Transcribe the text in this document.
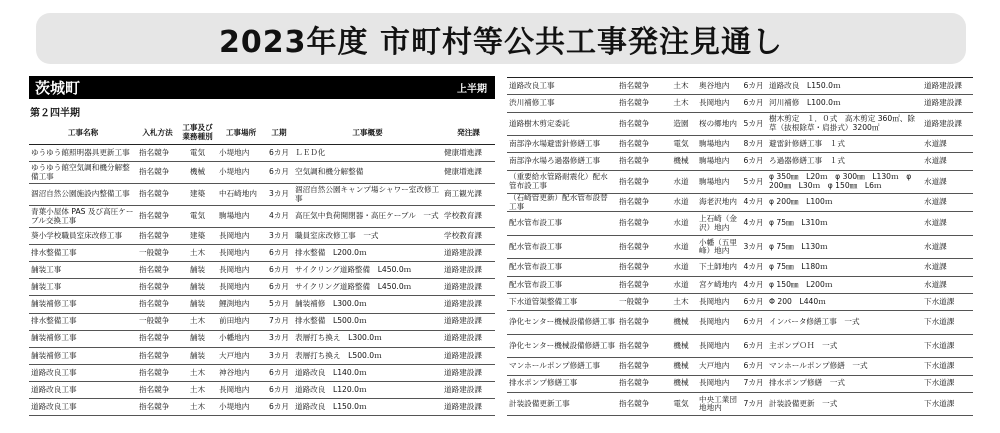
2023年度 市町村等公共工事発注見通し
茨城町	上半期
第２四半期
工事名称	入札方法	工事及び業務種別	工事場所	工期	工事概要	発注課
ゆうゆう館照明器具更新工事	指名競争	電気	小堤地内	6カ月	ＬＥＤ化	健康増進課
ゆうゆう館空気調和機分解整備工事	指名競争	機械	小堤地内	6カ月	空気調和機分解整備	健康増進課
涸沼自然公園施設内整備工事	指名競争	建築	中石崎地内	3カ月	涸沼自然公園キャンプ場シャワー室改修工事	商工観光課
青葉小屋体 PAS 及び高圧ケーブル交換工事	指名競争	電気	駒場地内	4カ月	高圧気中負荷開閉器・高圧ケーブル　一式	学校教育課
葵小学校職員室床改修工事	指名競争	建築	長岡地内	3カ月	職員室床改修工事　一式	学校教育課
排水整備工事	一般競争	土木	長岡地内	6カ月	排水整備　L200.0ｍ	道路建設課
舗装工事	指名競争	舗装	長岡地内	6カ月	サイクリング道路整備　L450.0ｍ	道路建設課
舗装工事	指名競争	舗装	長岡地内	6カ月	サイクリング道路整備　L450.0ｍ	道路建設課
舗装補修工事	指名競争	舗装	鯉渕地内	5カ月	舗装補修　L300.0ｍ	道路建設課
排水整備工事	一般競争	土木	前田地内	7カ月	排水整備　L500.0ｍ	道路建設課
舗装補修工事	指名競争	舗装	小幡地内	3カ月	表層打ち換え　L300.0ｍ	道路建設課
舗装補修工事	指名競争	舗装	大戸地内	3カ月	表層打ち換え　L500.0ｍ	道路建設課
道路改良工事	指名競争	土木	神谷地内	6カ月	道路改良　L140.0ｍ	道路建設課
道路改良工事	指名競争	土木	長岡地内	6カ月	道路改良　L120.0ｍ	道路建設課
道路改良工事	指名競争	土木	小堤地内	6カ月	道路改良　L150.0ｍ	道路建設課
道路改良工事	指名競争	土木	奥谷地内	6カ月	道路改良　L150.0ｍ	道路建設課
渋川補修工事	指名競争	土木	長岡地内	6カ月	河川補修　L100.0ｍ	道路建設課
道路樹木剪定委託	指名競争	造園	桜の郷地内	5カ月	樹木剪定　１．０式　高木剪定 360㎡、除草（抜根除草・肩掛式）3200㎡	道路建設課
南部浄水場避雷針修繕工事	指名競争	電気	駒場地内	8カ月	避雷針修繕工事　１式	水道課
南部浄水場ろ過器修繕工事	指名競争	機械	駒場地内	6カ月	ろ過器修繕工事　１式	水道課
（重要給水管路耐震化）配水管布設工事	指名競争	水道	駒場地内	5カ月	φ 350㎜　L20ｍ　φ 300㎜　L130ｍ　φ 200㎜　L30ｍ　φ 150㎜　L6ｍ	水道課
（石崎管更新）配水管布設替工事	指名競争	水道	海老沢地内	4カ月	φ 200㎜　L100ｍ	水道課
配水管布設工事	指名競争	水道	上石崎（金沢）地内	4カ月	φ 75㎜　L310ｍ	水道課
配水管布設工事	指名競争	水道	小幡（五里峰）地内	3カ月	φ 75㎜　L130ｍ	水道課
配水管布設工事	指名競争	水道	下土師地内	4カ月	φ 75㎜　L180ｍ	水道課
配水管布設工事	指名競争	水道	宮ケ崎地内	4カ月	φ 150㎜　L200ｍ	水道課
下水道管渠整備工事	一般競争	土木	長岡地内	6カ月	Φ 200　L440ｍ	下水道課
浄化センター機械設備修繕工事	指名競争	機械	長岡地内	6カ月	インバータ修繕工事　一式	下水道課
浄化センター機械設備修繕工事	指名競争	機械	長岡地内	6カ月	主ポンプＯＨ　一式	下水道課
マンホールポンプ修繕工事	指名競争	機械	大戸地内	6カ月	マンホールポンプ修繕　一式	下水道課
排水ポンプ修繕工事	指名競争	機械	長岡地内	7カ月	排水ポンプ修繕　一式	下水道課
計装設備更新工事	指名競争	電気	中央工業団地地内	7カ月	計装設備更新　一式	下水道課
